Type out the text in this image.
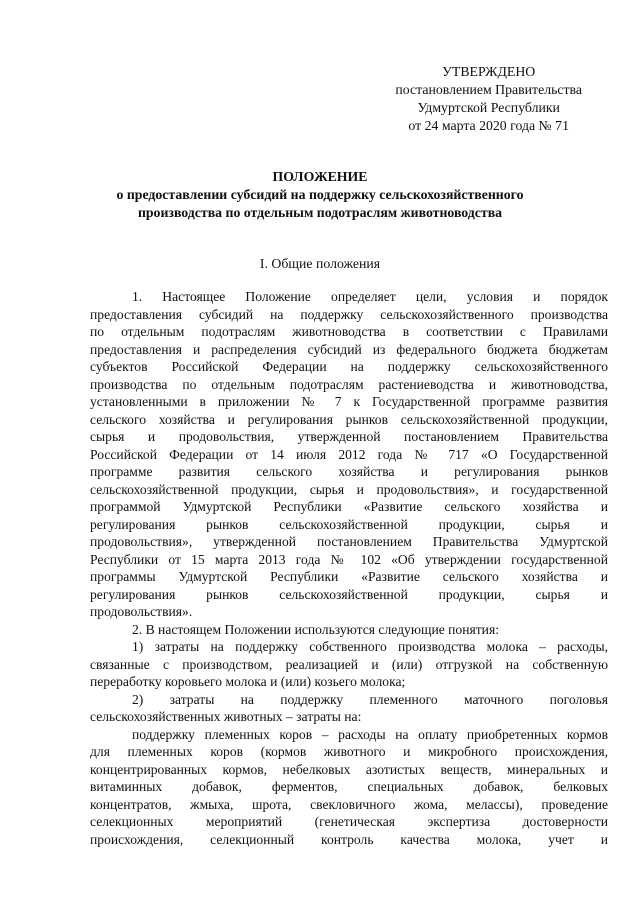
УТВЕРЖДЕНО
постановлением Правительства
Удмуртской Республики
от 24 марта 2020 года № 71
ПОЛОЖЕНИЕ
о предоставлении субсидий на поддержку сельскохозяйственного
производства по отдельным подотраслям животноводства
I. Общие положения
1. Настоящее Положение определяет цели, условия и порядок
предоставления субсидий на поддержку сельскохозяйственного производства
по отдельным подотраслям животноводства в соответствии с Правилами
предоставления и распределения субсидий из федерального бюджета бюджетам
субъектов Российской Федерации на поддержку сельскохозяйственного
производства по отдельным подотраслям растениеводства и животноводства,
установленными в приложении № 7 к Государственной программе развития
сельского хозяйства и регулирования рынков сельскохозяйственной продукции,
сырья и продовольствия, утвержденной постановлением Правительства
Российской Федерации от 14 июля 2012 года № 717 «О Государственной
программе развития сельского хозяйства и регулирования рынков
сельскохозяйственной продукции, сырья и продовольствия», и государственной
программой Удмуртской Республики «Развитие сельского хозяйства и
регулирования рынков сельскохозяйственной продукции, сырья и
продовольствия», утвержденной постановлением Правительства Удмуртской
Республики от 15 марта 2013 года № 102 «Об утверждении государственной
программы Удмуртской Республики «Развитие сельского хозяйства и
регулирования рынков сельскохозяйственной продукции, сырья и
продовольствия».
2. В настоящем Положении используются следующие понятия:
1) затраты на поддержку собственного производства молока – расходы,
связанные с производством, реализацией и (или) отгрузкой на собственную
переработку коровьего молока и (или) козьего молока;
2) затраты на поддержку племенного маточного поголовья
сельскохозяйственных животных – затраты на:
поддержку племенных коров – расходы на оплату приобретенных кормов
для племенных коров (кормов животного и микробного происхождения,
концентрированных кормов, небелковых азотистых веществ, минеральных и
витаминных добавок, ферментов, специальных добавок, белковых
концентратов, жмыха, шрота, свекловичного жома, мелассы), проведение
селекционных мероприятий (генетическая экспертиза достоверности
происхождения, селекционный контроль качества молока, учет и
